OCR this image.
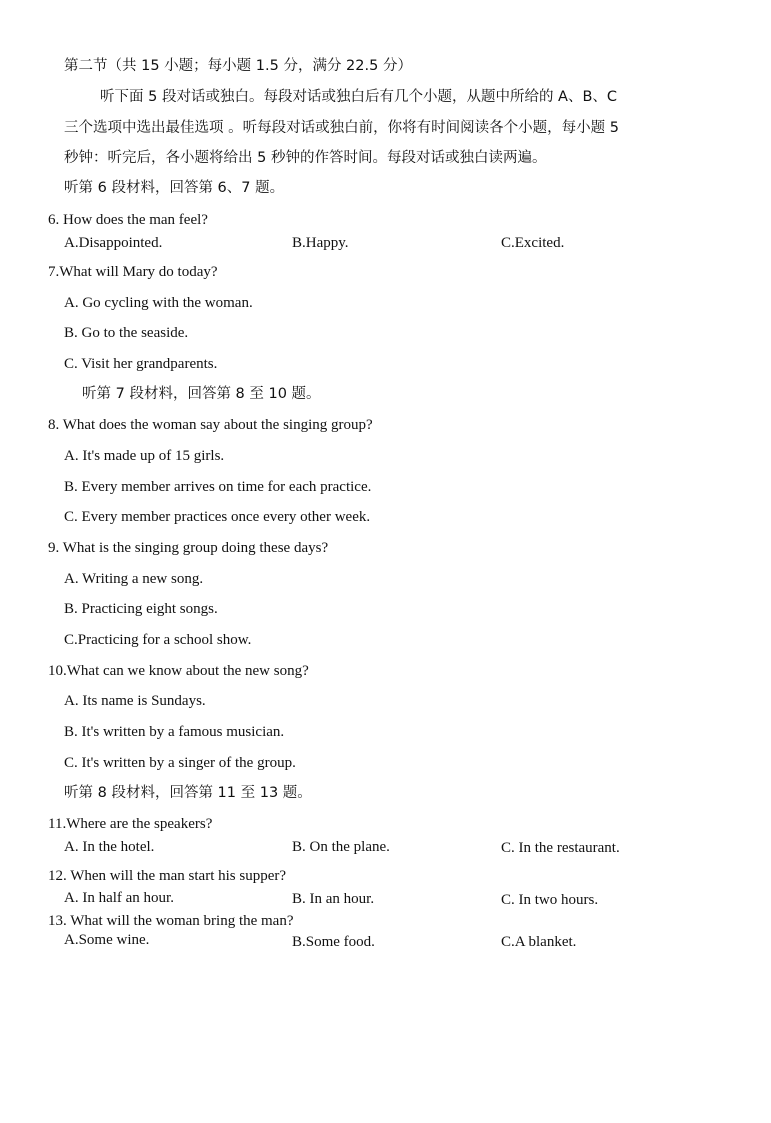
第二节（共 15 小题；每小题 1.5 分，满分 22.5 分）
听下面 5 段对话或独白。每段对话或独白后有几个小题，从题中所给的 A、B、C
三个选项中选出最佳选项 。听每段对话或独白前，你将有时间阅读各个小题，每小题 5
秒钟：听完后，各小题将给出 5 秒钟的作答时间。每段对话或独白读两遍。
听第 6 段材料，回答第 6、7 题。
6. How does the man feel?
A.Disappointed.	B.Happy.	C.Excited.
7.What will Mary do today?
A. Go cycling with the woman.
B. Go to the seaside.
C. Visit her grandparents.
听第 7 段材料，回答第 8 至 10 题。
8. What does the woman say about the singing group?
A. It's made up of 15 girls.
B. Every member arrives on time for each practice.
C. Every member practices once every other week.
9. What is the singing group doing these days?
A. Writing a new song.
B. Practicing eight songs.
C.Practicing for a school show.
10.What can we know about the new song?
A. Its name is Sundays.
B. It's written by a famous musician.
C. It's written by a singer of the group.
听第 8 段材料，回答第 11 至 13 题。
11.Where are the speakers?
A. In the hotel.	B. On the plane.	C. In the restaurant.
12. When will the man start his supper?
A. In half an hour.	B. In an hour.	C. In two hours.
13. What will the woman bring the man?
A.Some wine.	B.Some food.	C.A blanket.
